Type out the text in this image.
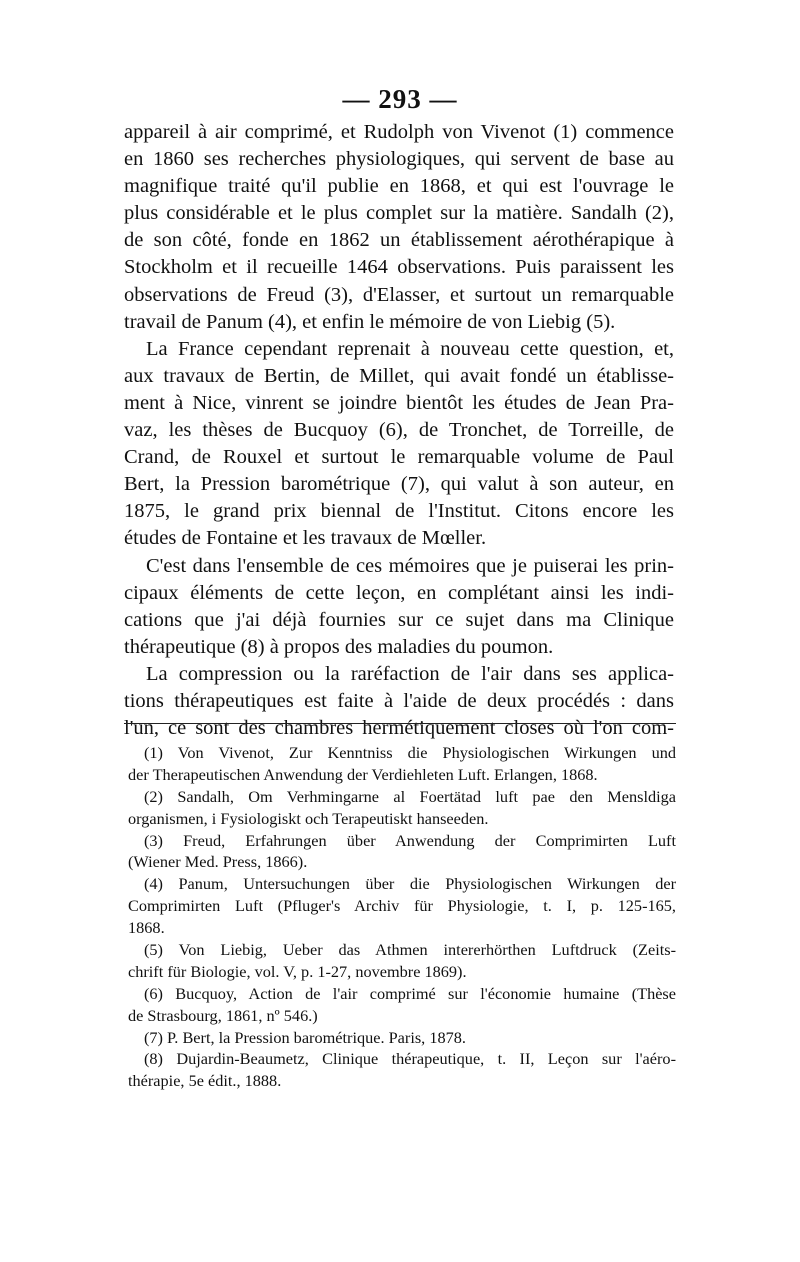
— 293 —
appareil à air comprimé, et Rudolph von Vivenot (1) commence
en 1860 ses recherches physiologiques, qui servent de base au
magnifique traité qu'il publie en 1868, et qui est l'ouvrage le
plus considérable et le plus complet sur la matière. Sandalh (2),
de son côté, fonde en 1862 un établissement aérothérapique à
Stockholm et il recueille 1464 observations. Puis paraissent les
observations de Freud (3), d'Elasser, et surtout un remarquable
travail de Panum (4), et enfin le mémoire de von Liebig (5).
La France cependant reprenait à nouveau cette question, et,
aux travaux de Bertin, de Millet, qui avait fondé un établisse-
ment à Nice, vinrent se joindre bientôt les études de Jean Pra-
vaz, les thèses de Bucquoy (6), de Tronchet, de Torreille, de
Crand, de Rouxel et surtout le remarquable volume de Paul
Bert, la Pression barométrique (7), qui valut à son auteur, en
1875, le grand prix biennal de l'Institut. Citons encore les
études de Fontaine et les travaux de Mœller.
C'est dans l'ensemble de ces mémoires que je puiserai les prin-
cipaux éléments de cette leçon, en complétant ainsi les indi-
cations que j'ai déjà fournies sur ce sujet dans ma Clinique
thérapeutique (8) à propos des maladies du poumon.
La compression ou la raréfaction de l'air dans ses applica-
tions thérapeutiques est faite à l'aide de deux procédés : dans
l'un, ce sont des chambres hermétiquement closes où l'on com-
(1) Von Vivenot, Zur Kenntniss die Physiologischen Wirkungen und
der Therapeutischen Anwendung der Verdiehleten Luft. Erlangen, 1868.
(2) Sandalh, Om Verhmingarne al Foertätad luft pae den Mensldiga
organismen, i Fysiologiskt och Terapeutiskt hanseeden.
(3) Freud, Erfahrungen über Anwendung der Comprimirten Luft
(Wiener Med. Press, 1866).
(4) Panum, Untersuchungen über die Physiologischen Wirkungen der
Comprimirten Luft (Pfluger's Archiv für Physiologie, t. I, p. 125-165,
1868.
(5) Von Liebig, Ueber das Athmen intererhörthen Luftdruck (Zeits-
chrift für Biologie, vol. V, p. 1-27, novembre 1869).
(6) Bucquoy, Action de l'air comprimé sur l'économie humaine (Thèse
de Strasbourg, 1861, nº 546.)
(7) P. Bert, la Pression barométrique. Paris, 1878.
(8) Dujardin-Beaumetz, Clinique thérapeutique, t. II, Leçon sur l'aéro-
thérapie, 5e édit., 1888.
